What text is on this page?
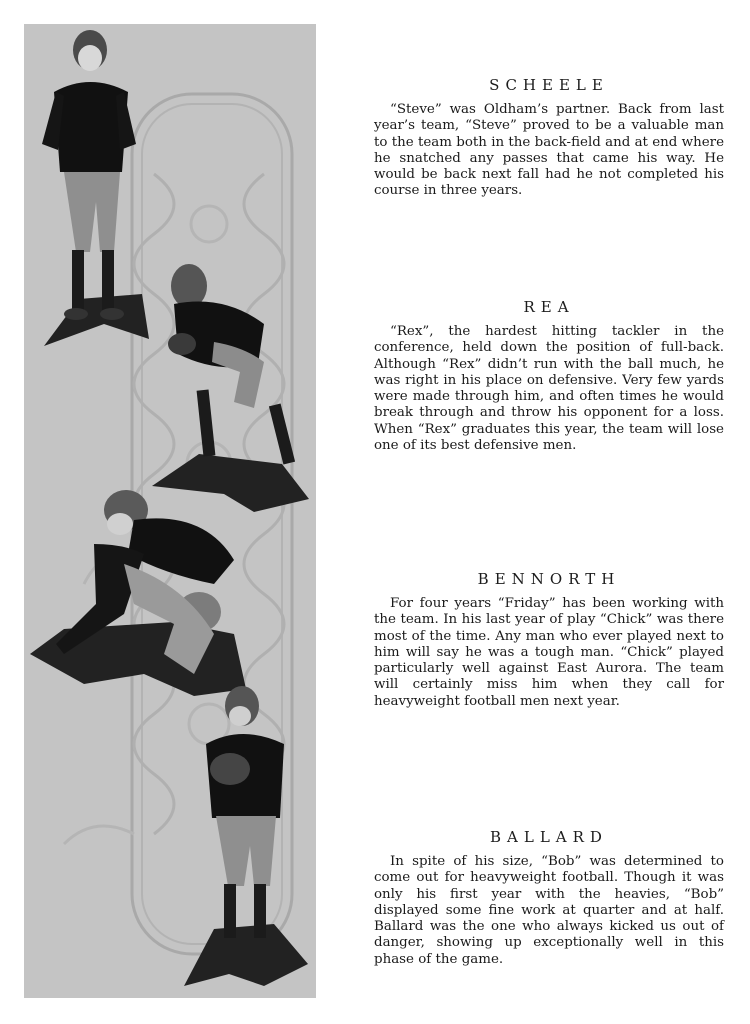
SCHEELE

“Steve” was Oldham’s partner. Back from last year’s team, “Steve” proved to be a valuable man to the team both in the back-field and at end where he snatched any passes that came his way. He would be back next fall had he not completed his course in three years.

REA

“Rex”, the hardest hitting tackler in the conference, held down the position of full-back. Although “Rex” didn’t run with the ball much, he was right in his place on defensive. Very few yards were made through him, and often times he would break through and throw his opponent for a loss. When “Rex” graduates this year, the team will lose one of its best defensive men.

BENNORTH

For four years “Friday” has been working with the team. In his last year of play “Chick” was there most of the time. Any man who ever played next to him will say he was a tough man. “Chick” played particularly well against East Aurora. The team will certainly miss him when they call for heavyweight football men next year.

BALLARD

In spite of his size, “Bob” was determined to come out for heavyweight football. Though it was only his first year with the heavies, “Bob” displayed some fine work at quarter and at half. Ballard was the one who always kicked us out of danger, showing up exceptionally well in this phase of the game.
